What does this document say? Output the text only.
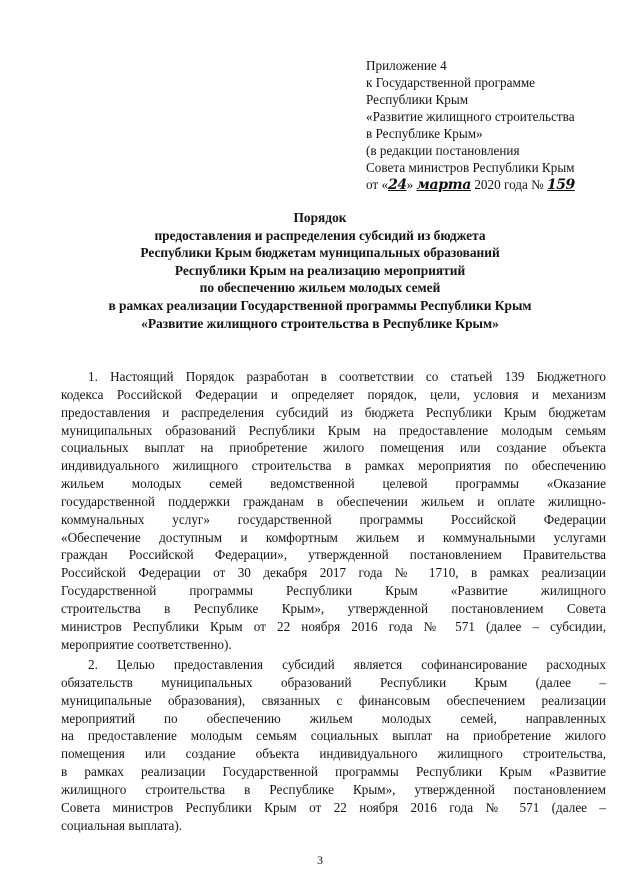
Приложение 4
к Государственной программе
Республики Крым
«Развитие жилищного строительства
в Республике Крым»
(в редакции постановления
Совета министров Республики Крым
от «24» марта 2020 года № 159
Порядок
предоставления и распределения субсидий из бюджета
Республики Крым бюджетам муниципальных образований
Республики Крым на реализацию мероприятий
по обеспечению жильем молодых семей
в рамках реализации Государственной программы Республики Крым
«Развитие жилищного строительства в Республике Крым»
1. Настоящий Порядок разработан в соответствии со статьей 139 Бюджетного
кодекса Российской Федерации и определяет порядок, цели, условия и механизм
предоставления и распределения субсидий из бюджета Республики Крым бюджетам
муниципальных образований Республики Крым на предоставление молодым семьям
социальных выплат на приобретение жилого помещения или создание объекта
индивидуального жилищного строительства в рамках мероприятия по обеспечению
жильем молодых семей ведомственной целевой программы «Оказание
государственной поддержки гражданам в обеспечении жильем и оплате жилищно-
коммунальных услуг» государственной программы Российской Федерации
«Обеспечение доступным и комфортным жильем и коммунальными услугами
граждан Российской Федерации», утвержденной постановлением Правительства
Российской Федерации от 30 декабря 2017 года № 1710, в рамках реализации
Государственной программы Республики Крым «Развитие жилищного
строительства в Республике Крым», утвержденной постановлением Совета
министров Республики Крым от 22 ноября 2016 года № 571 (далее – субсидии,
мероприятие соответственно).
2. Целью предоставления субсидий является софинансирование расходных
обязательств муниципальных образований Республики Крым (далее –
муниципальные образования), связанных с финансовым обеспечением реализации
мероприятий по обеспечению жильем молодых семей, направленных
на предоставление молодым семьям социальных выплат на приобретение жилого
помещения или создание объекта индивидуального жилищного строительства,
в рамках реализации Государственной программы Республики Крым «Развитие
жилищного строительства в Республике Крым», утвержденной постановлением
Совета министров Республики Крым от 22 ноября 2016 года № 571 (далее –
социальная выплата).
3
